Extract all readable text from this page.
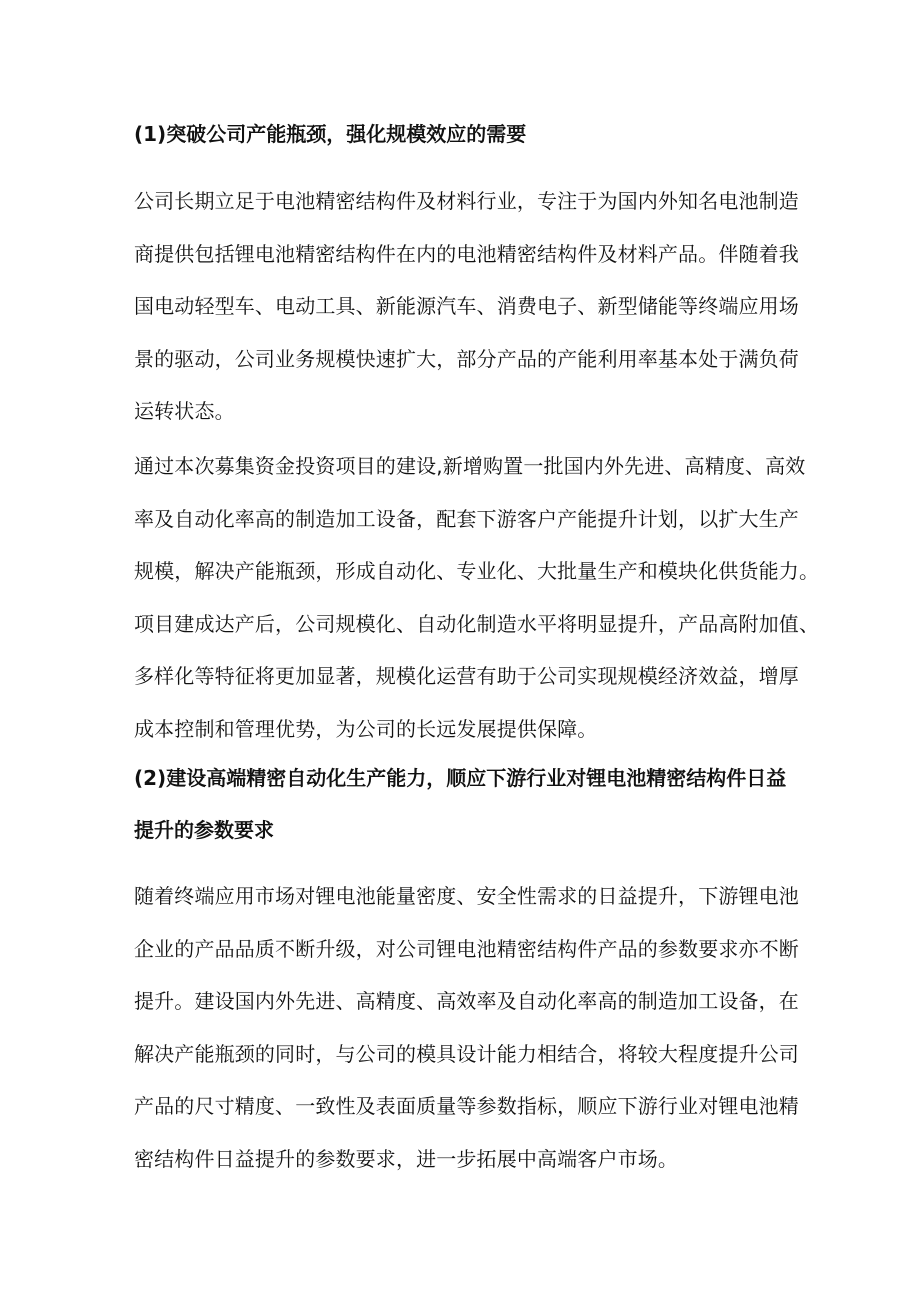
(1)突破公司产能瓶颈，强化规模效应的需要

公司长期立足于电池精密结构件及材料行业，专注于为国内外知名电池制造
商提供包括锂电池精密结构件在内的电池精密结构件及材料产品。伴随着我
国电动轻型车、电动工具、新能源汽车、消费电子、新型储能等终端应用场
景的驱动，公司业务规模快速扩大，部分产品的产能利用率基本处于满负荷
运转状态。

通过本次募集资金投资项目的建设,新增购置一批国内外先进、高精度、高效
率及自动化率高的制造加工设备，配套下游客户产能提升计划，以扩大生产
规模，解决产能瓶颈，形成自动化、专业化、大批量生产和模块化供货能力。
项目建成达产后，公司规模化、自动化制造水平将明显提升，产品高附加值、
多样化等特征将更加显著，规模化运营有助于公司实现规模经济效益，增厚
成本控制和管理优势，为公司的长远发展提供保障。

(2)建设高端精密自动化生产能力，顺应下游行业对锂电池精密结构件日益
提升的参数要求

随着终端应用市场对锂电池能量密度、安全性需求的日益提升，下游锂电池
企业的产品品质不断升级，对公司锂电池精密结构件产品的参数要求亦不断
提升。建设国内外先进、高精度、高效率及自动化率高的制造加工设备，在
解决产能瓶颈的同时，与公司的模具设计能力相结合，将较大程度提升公司
产品的尺寸精度、一致性及表面质量等参数指标，顺应下游行业对锂电池精
密结构件日益提升的参数要求，进一步拓展中高端客户市场。
